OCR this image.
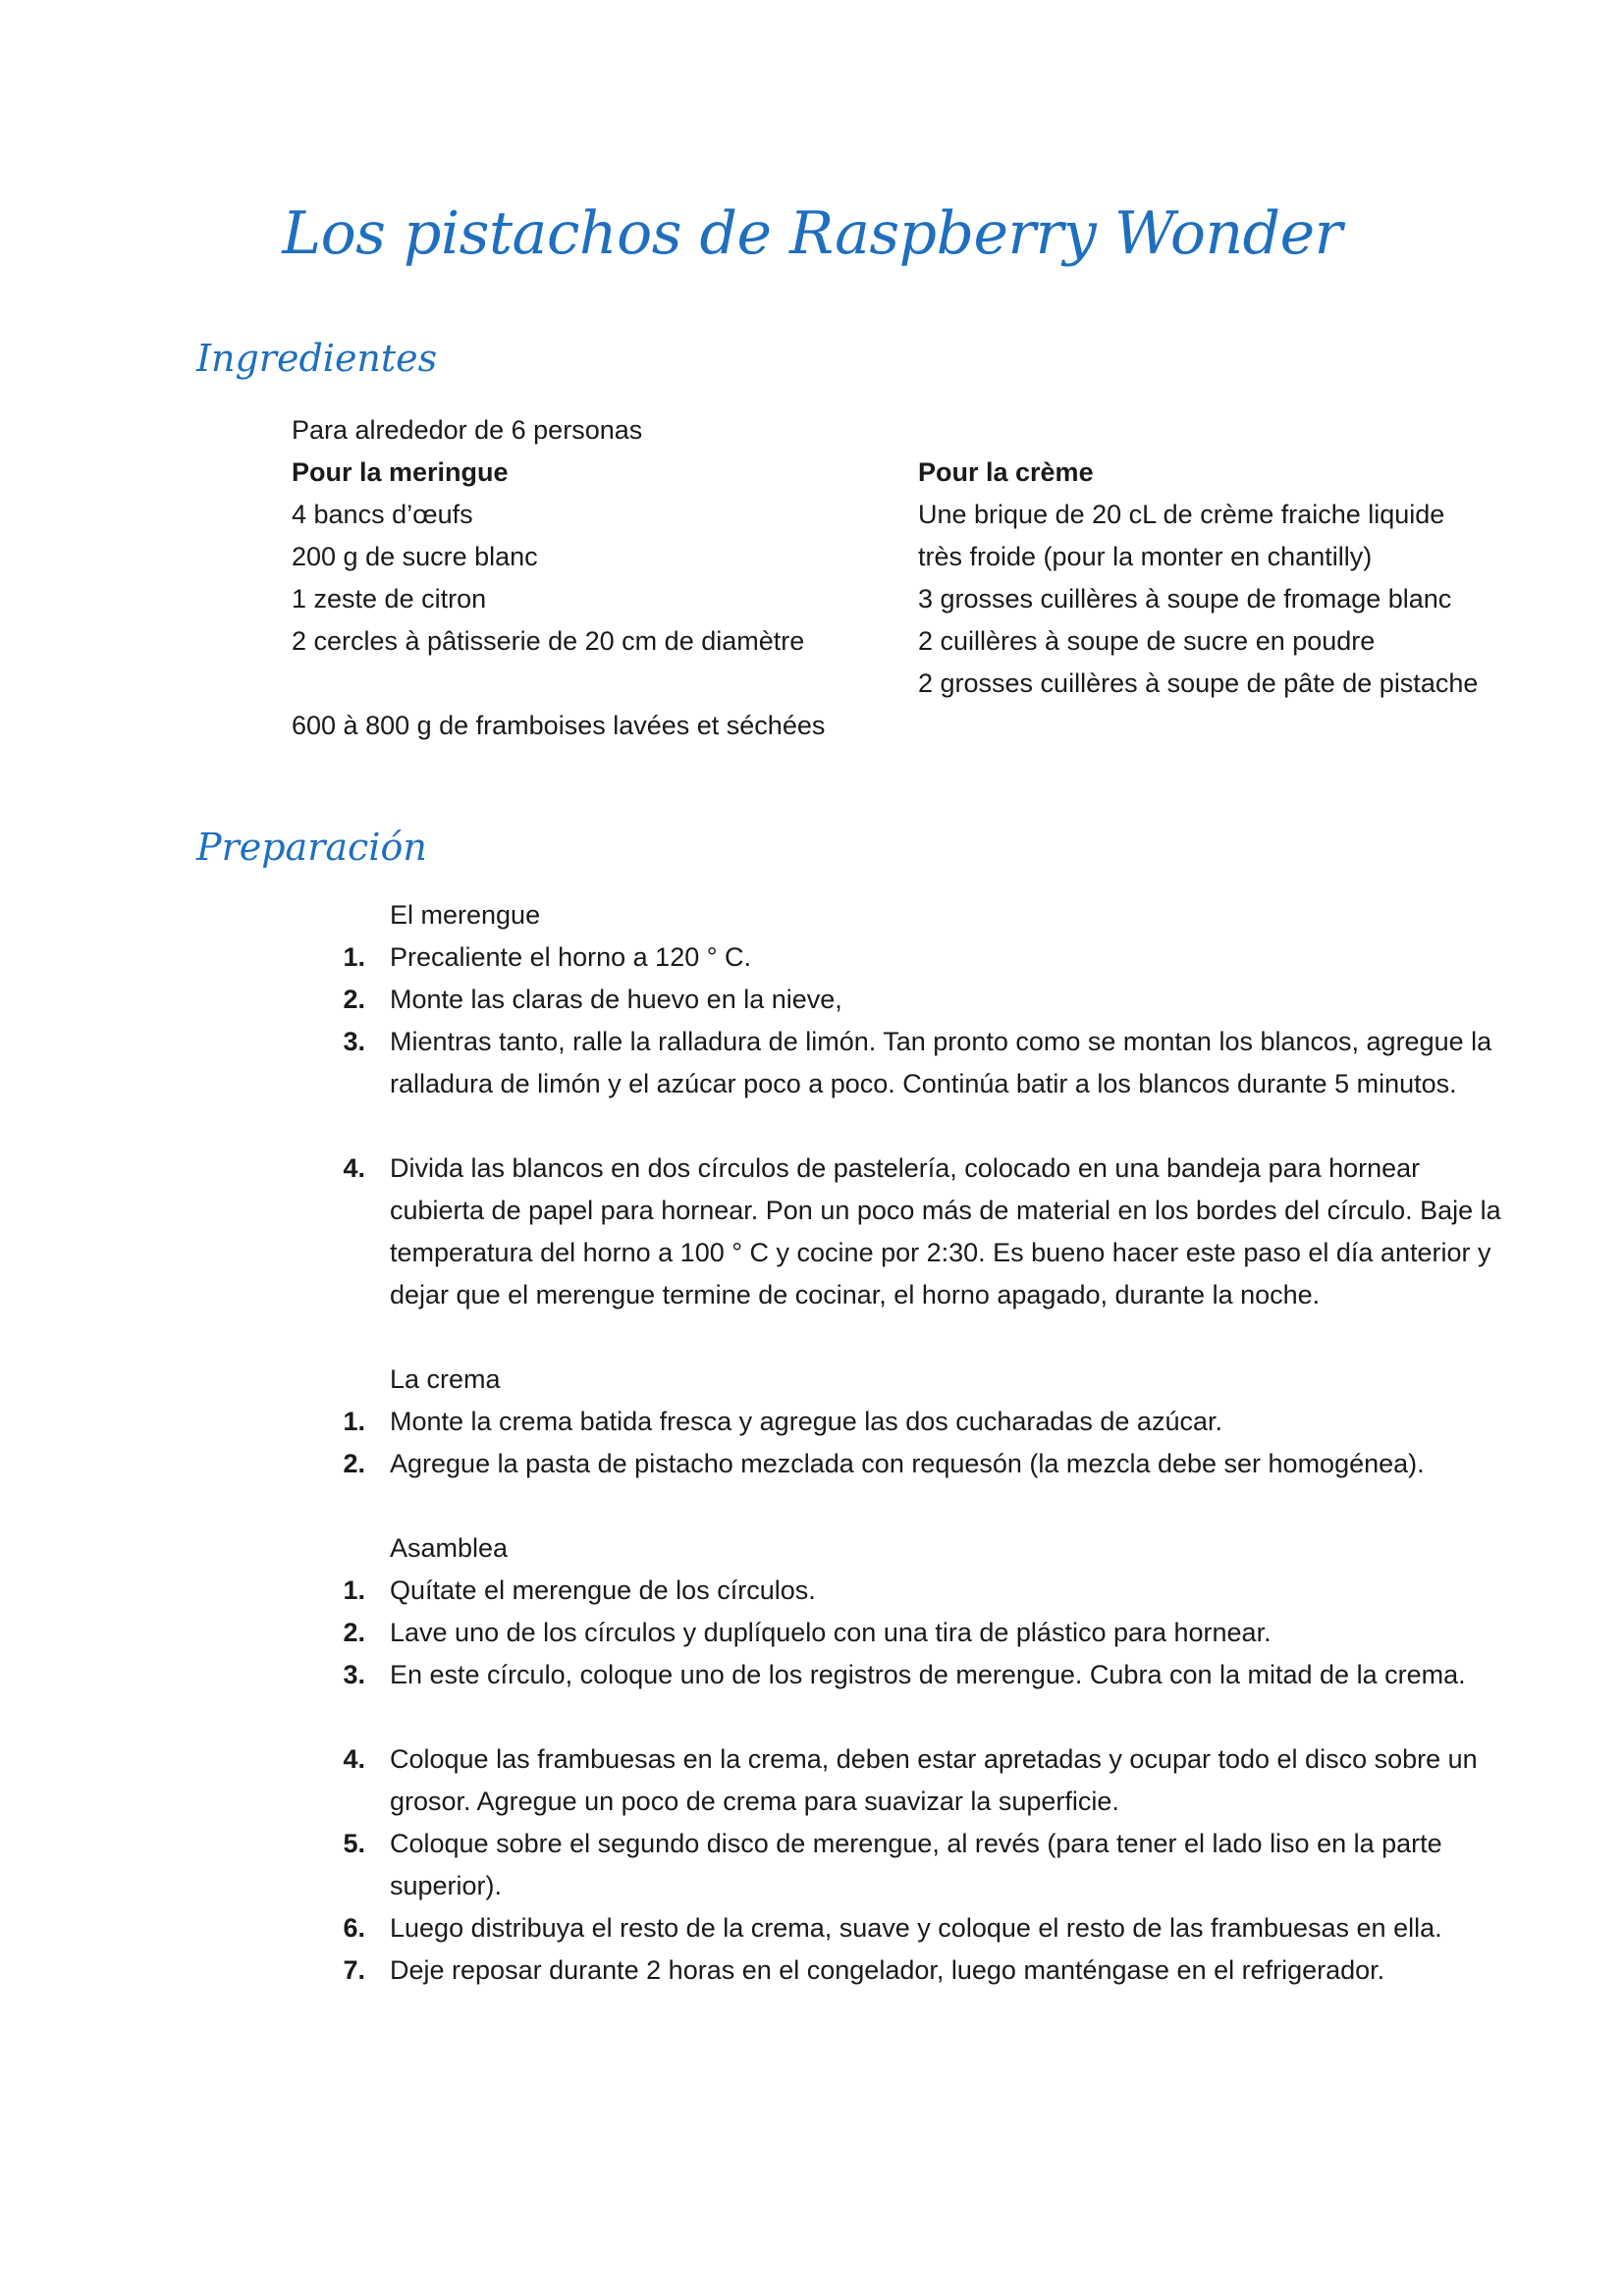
Los pistachos de Raspberry Wonder
Ingredientes
Para alrededor de 6 personas
Pour la meringue
4 bancs d’œufs
200 g de sucre blanc
1 zeste de citron
2 cercles à pâtisserie de 20 cm de diamètre
600 à 800 g de framboises lavées et séchées
Pour la crème
Une brique de 20 cL de crème fraiche liquide
très froide (pour la monter en chantilly)
3 grosses cuillères à soupe de fromage blanc
2 cuillères à soupe de sucre en poudre
2 grosses cuillères à soupe de pâte de pistache
Preparación
El merengue
1. Precaliente el horno a 120 ° C.
2. Monte las claras de huevo en la nieve,
3. Mientras tanto, ralle la ralladura de limón. Tan pronto como se montan los blancos, agregue la ralladura de limón y el azúcar poco a poco. Continúa batir a los blancos durante 5 minutos.
4. Divida las blancos en dos círculos de pastelería, colocado en una bandeja para hornear cubierta de papel para hornear. Pon un poco más de material en los bordes del círculo. Baje la temperatura del horno a 100 ° C y cocine por 2:30. Es bueno hacer este paso el día anterior y dejar que el merengue termine de cocinar, el horno apagado, durante la noche.
La crema
1. Monte la crema batida fresca y agregue las dos cucharadas de azúcar.
2. Agregue la pasta de pistacho mezclada con requesón (la mezcla debe ser homogénea).
Asamblea
1. Quítate el merengue de los círculos.
2. Lave uno de los círculos y duplíquelo con una tira de plástico para hornear.
3. En este círculo, coloque uno de los registros de merengue. Cubra con la mitad de la crema.
4. Coloque las frambuesas en la crema, deben estar apretadas y ocupar todo el disco sobre un grosor. Agregue un poco de crema para suavizar la superficie.
5. Coloque sobre el segundo disco de merengue, al revés (para tener el lado liso en la parte superior).
6. Luego distribuya el resto de la crema, suave y coloque el resto de las frambuesas en ella.
7. Deje reposar durante 2 horas en el congelador, luego manténgase en el refrigerador.
